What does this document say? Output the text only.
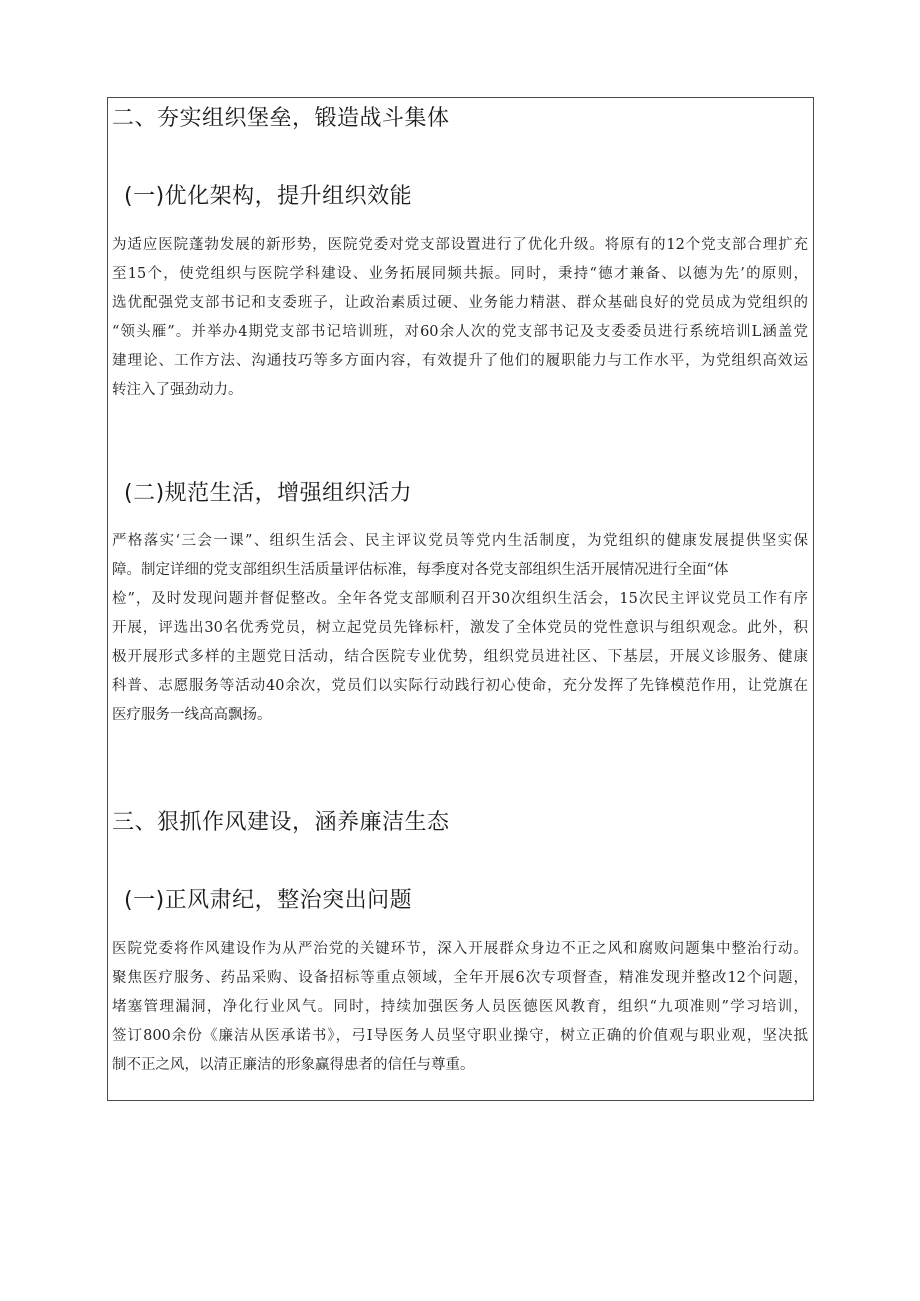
二、夯实组织堡垒，锻造战斗集体
(一)优化架构，提升组织效能
为适应医院蓬勃发展的新形势，医院党委对党支部设置进行了优化升级。将原有的12个党支部合理扩充
至15个，使党组织与医院学科建设、业务拓展同频共振。同时，秉持“德才兼备、以德为先’的原则，
选优配强党支部书记和支委班子，让政治素质过硬、业务能力精湛、群众基础良好的党员成为党组织的
“领头雁”。并举办4期党支部书记培训班，对60余人次的党支部书记及支委委员进行系统培训L涵盖党
建理论、工作方法、沟通技巧等多方面内容，有效提升了他们的履职能力与工作水平，为党组织高效运
转注入了强劲动力。
(二)规范生活，增强组织活力
严格落实‘三会一课”、组织生活会、民主评议党员等党内生活制度，为党组织的健康发展提供坚实保
障。制定详细的党支部组织生活质量评估标准，每季度对各党支部组织生活开展情况进行全面“体
检”，及时发现问题并督促整改。全年各党支部顺利召开30次组织生活会，15次民主评议党员工作有序
开展，评选出30名优秀党员，树立起党员先锋标杆，激发了全体党员的党性意识与组织观念。此外，积
极开展形式多样的主题党日活动，结合医院专业优势，组织党员进社区、下基层，开展义诊服务、健康
科普、志愿服务等活动40余次，党员们以实际行动践行初心使命，充分发挥了先锋模范作用，让党旗在
医疗服务一线高高飘扬。
三、狠抓作风建设，涵养廉洁生态
(一)正风肃纪，整治突出问题
医院党委将作风建设作为从严治党的关键环节，深入开展群众身边不正之风和腐败问题集中整治行动。
聚焦医疗服务、药品采购、设备招标等重点领域，全年开展6次专项督查，精准发现并整改12个问题，
堵塞管理漏洞，净化行业风气。同时，持续加强医务人员医德医风教育，组织“九项准则”学习培训，
签订800余份《廉洁从医承诺书》，弓I导医务人员坚守职业操守，树立正确的价值观与职业观，坚决抵
制不正之风，以清正廉洁的形象赢得患者的信任与尊重。
